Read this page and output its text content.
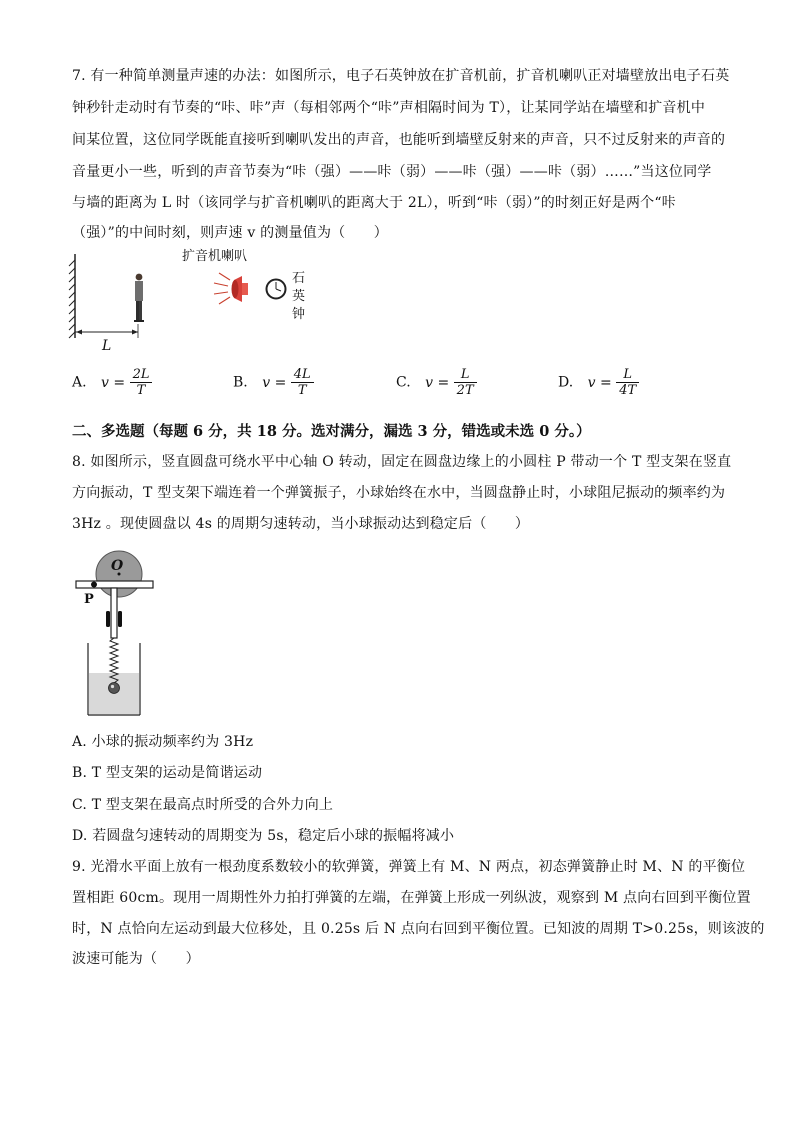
7. 有一种简单测量声速的办法：如图所示，电子石英钟放在扩音机前，扩音机喇叭正对墙壁放出电子石英
钟秒针走动时有节奏的“咔、咔”声（每相邻两个“咔”声相隔时间为 T），让某同学站在墙壁和扩音机中
间某位置，这位同学既能直接听到喇叭发出的声音，也能听到墙壁反射来的声音，只不过反射来的声音的
音量更小一些，听到的声音节奏为“咔（强）——咔（弱）——咔（强）——咔（弱）……”当这位同学
与墙的距离为 L 时（该同学与扩音机喇叭的距离大于 2L），听到“咔（弱）”的时刻正好是两个“咔
（强）”的中间时刻，则声速 v 的测量值为（　　）
L
扩音机喇叭
石
英
钟
A. $v = \frac{2L}{T}$	B. $v = \frac{4L}{T}$	C. $v = \frac{L}{2T}$	D. $v = \frac{L}{4T}$
二、多选题（每题 6 分，共 18 分。选对满分，漏选 3 分，错选或未选 0 分。）
8. 如图所示，竖直圆盘可绕水平中心轴 O 转动，固定在圆盘边缘上的小圆柱 P 带动一个 T 型支架在竖直
方向振动，T 型支架下端连着一个弹簧振子，小球始终在水中，当圆盘静止时，小球阻尼振动的频率约为
3Hz 。现使圆盘以 4s 的周期匀速转动，当小球振动达到稳定后（　　）
O
P
A. 小球的振动频率约为 3Hz
B. T 型支架的运动是简谐运动
C. T 型支架在最高点时所受的合外力向上
D. 若圆盘匀速转动的周期变为 5s，稳定后小球的振幅将减小
9. 光滑水平面上放有一根劲度系数较小的软弹簧，弹簧上有 M、N 两点，初态弹簧静止时 M、N 的平衡位
置相距 60cm。现用一周期性外力拍打弹簧的左端，在弹簧上形成一列纵波，观察到 M 点向右回到平衡位置
时，N 点恰向左运动到最大位移处，且 0.25s 后 N 点向右回到平衡位置。已知波的周期 T>0.25s，则该波的
波速可能为（　　）
